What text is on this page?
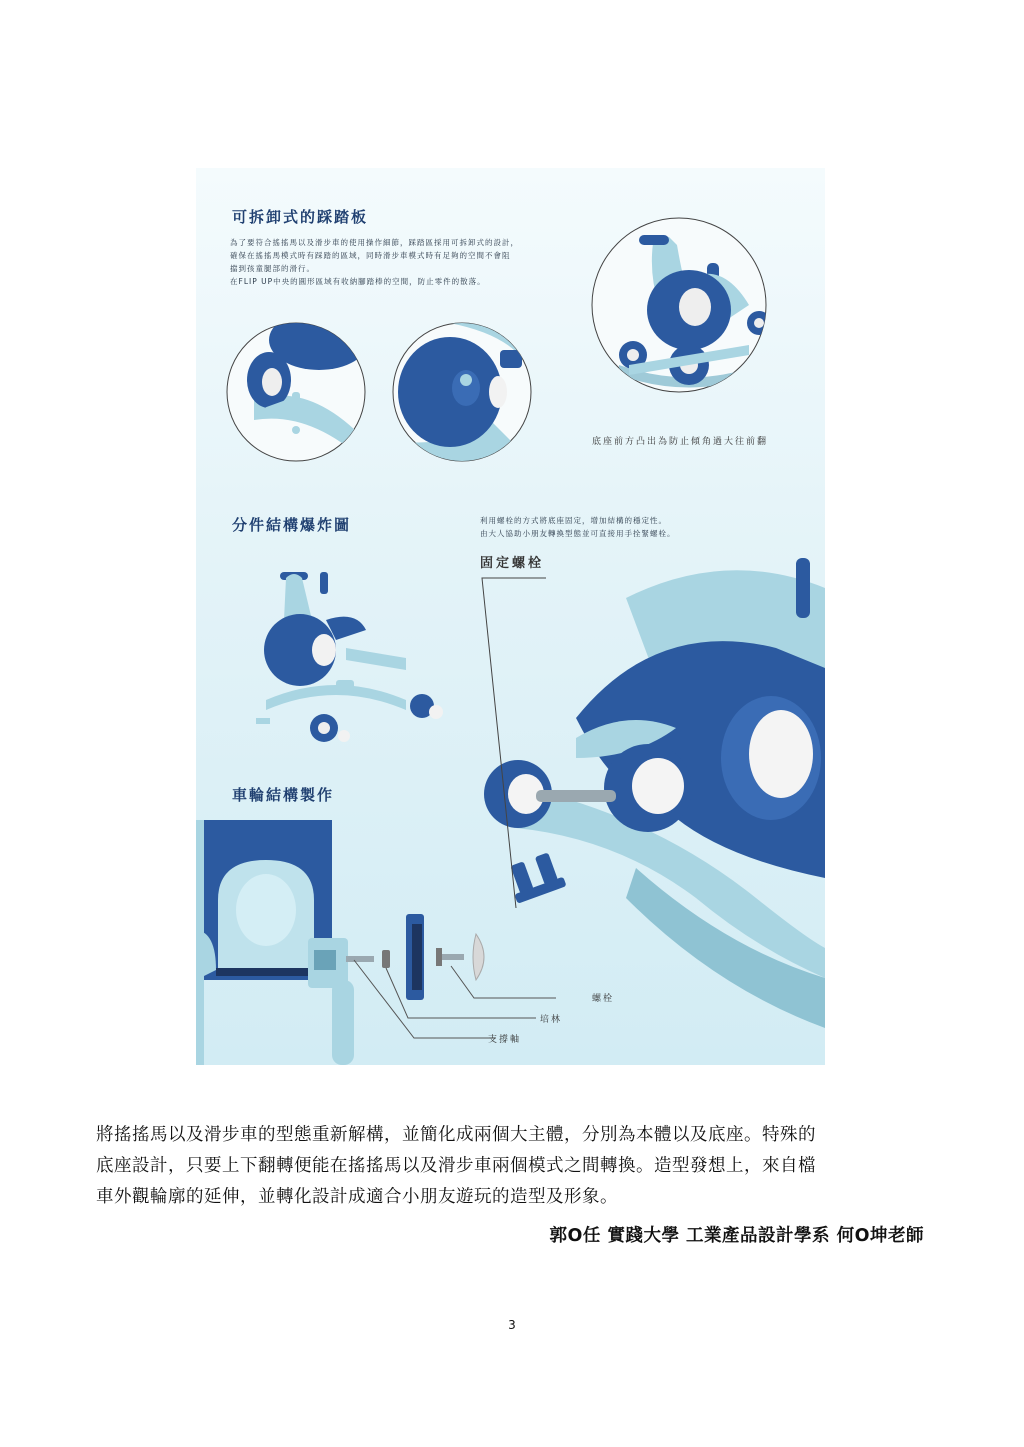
可拆卸式的踩踏板
為了要符合搖搖馬以及滑步車的使用操作細節，踩踏區採用可拆卸式的設計，
確保在搖搖馬模式時有踩踏的區域，同時滑步車模式時有足夠的空間不會阻
擋到孩童腿部的滑行。
在FLIP UP中央的圓形區域有收納腳踏棒的空間，防止零件的散落。
底座前方凸出為防止傾角過大往前翻
分件結構爆炸圖	利用螺栓的方式將底座固定，增加結構的穩定性。
由大人協助小朋友轉換型態並可直接用手拴緊螺栓。
固定螺栓
車輪結構製作
螺栓
培林
支撐軸
將搖搖馬以及滑步車的型態重新解構，並簡化成兩個大主體，分別為本體以及底座。特殊的
底座設計，只要上下翻轉便能在搖搖馬以及滑步車兩個模式之間轉換。造型發想上，來自檔
車外觀輪廓的延伸，並轉化設計成適合小朋友遊玩的造型及形象。
郭O任 實踐大學 工業產品設計學系 何O坤老師
3
